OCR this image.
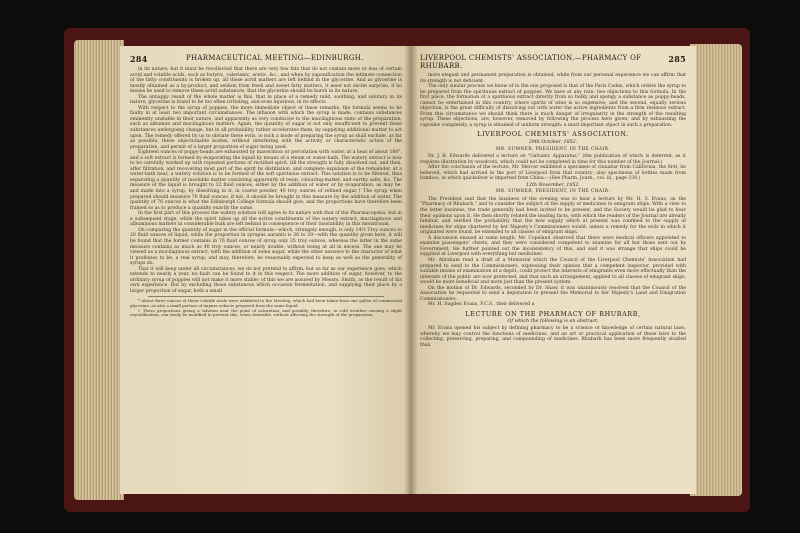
284	PHARMACEUTICAL MEETING—EDINBURGH.

in its nature; but it must be recollected that there are very few fats that do not contain more or less of certain acrid and volatile acids, such as butyric, valerianic, acetic, &c., and when by saponification the intimate connection of the fatty constituents is broken up, all these acrid matters are left behind in the glycerine. And as glycerine is mostly obtained as a by-product, and seldom from fresh and sweet fatty matters, it need not excite surprise, if no means be used to remove these acrid substances, that the glycerine should be harsh in its nature.

The unhappy result of the whole matter is this, that in place of a remedy mild, soothing, and salutary in its nature, glycerine is found to be too often irritating, and even injurious, in its effects.

With respect to the syrup of poppies, the more immediate object of these remarks, the formula seems to be faulty in at least two important circumstances. The infusion with which the syrup is made, contains substances eminently unstable in their nature, and apparently as very conducive to the mucilaginous state of the preparation, such as albumen and mucilaginous matters. Again, the quantity of sugar is not only insufficient to prevent these substances undergoing change, but in all probability, rather accelerates them, by supplying additional matter to act upon. The remedy offered by us to obviate these evils, is such a mode of preparing the syrup as shall exclude, as far as possible, these objectionable bodies, without interfering with the activity or characteristic action of the preparation, and permit of a larger proportion of sugar being used.

Eighteen ounces of poppy-heads are exhausted by maceration or percolation with water, at a heat of about 180°, and a soft extract is formed by evaporating the liquid by means of a steam or water-bath. The watery extract is now to be carefully worked up with repeated portions of rectified spirit, till the strength is fully dissolved out, and then, after filtration, and recovering most part of the spirit by distillation, and complete expulsion of the remainder, at a water-bath heat, a watery solution is to be formed of the soft spirituous extract. This solution is to be filtered, thus separating a quantity of insoluble matter consisting apparently of resin, colouring-matter, and earthy salts, &c. The measure of the liquid is brought to 32 fluid ounces, either by the addition of water or by evaporation, as may be, and made into a syrup, by dissolving in it, in coarse powder, 40 troy ounces of refined sugar.† The syrup when prepared should measure 76 fluid ounces, if not, it should be brought to this measure by the addition of water. The quantity of 76 ounces is what the Edinburgh College formula should give, and the proportions have therefore been framed so as to produce a quantity exactly the same.

In the first part of this process the watery solution will agree in its nature with that of the Pharmacopœia, but in a subsequent stage, while the spirit takes up all the active constituents of the watery extract, mucilaginous and albuminous matters in considerable bulk are left behind in consequence of their insolubility in this menstruum.

On comparing the quantity of sugar in the official formula—which, strangely enough, is only 14½ Troy ounces to 20 fluid ounces of liquid, while the proportion in syrupus aurantii is 36 to 20—with the quantity given here, it will be found that the former contains in 76 fluid ounces of syrup only 35 troy ounces, whereas the latter in the same measure contains as much as 40 troy ounces, or nearly double, without being at all in excess. The one may be viewed as a mucilaginous extract, with the addition of some sugar, while the other answers to the character of what it professes to be, a real syrup; and may, therefore, be reasonably expected to keep as well as the generality of syrups do.

That it will keep under all circumstances, we do not pretend to affirm, but so far as our experience goes, which extends to nearly a year, no fault can be found to it in this respect. The more addition of sugar, however, to the ordinary syrup of poppies will not make it more stable; of this we are assured by Messrs. Smith, as the result of his own experience. But by excluding those substances which occasion fermentation, and supplying their place by a larger proportion of sugar, both a small

* About three ounces of these volatile acids were exhibited to the Meeting, which had been taken from one gallon of commercial glycerine, as also a small portion of impure sebacic prepared from the same liquid.

† These proportions giving a solution near the point of saturation, and possibly, therefore, in cold weather causing a slight crystallisation, can easily be modified to prevent this, when desirable, without affecting the strength of the preparation.

LIVERPOOL CHEMISTS' ASSOCIATION.—PHARMACY OF RHUBARB.
285

more elegant and permanent preparation is obtained, while from our personal experience we can affirm that its strength is not deficient.

The only similar process we know of to the one proposed is that of the Paris Codex, which orders the syrup to be prepared from the spirituous extract of poppies. We have at any rate, two objections to this formula. In the first place, the formation of a spirituous extract directly from so bulky and spongy a substance as poppy-heads, cannot be entertained in this country, where spirits of wine is so expensive; and the second, equally serious objection, is the great difficulty of dissolving out with water the active ingredients from a firm resinous extract. From this circumstance we should think there is much danger of irregularity in the strength of the resulting syrup. These objections, are, however, removed by following the process here given; and by exhausting the capsules completely, a syrup is obtained of uniform strength: a most important object in such a preparation.

LIVERPOOL CHEMISTS' ASSOCIATION.
29th October, 1852.
MR. SUMNER, PRESIDENT, IN THE CHAIR.

Dr. J. B. Edwards delivered a lecture on "Galvanic Apparatus," (the publication of which is deferred, as it requires illustration by woodcuts, which could not be completed in time for this number of the Journal.)

After the conclusion of the lecture, Mr. Mercer exhibited a specimen of cinnabar from California, the first, he believed, which had arrived in the port of Liverpool from that country; also specimens of bottles made from bamboo, in which quicksilver is imported from China.—(See Pharm. Journ., vol. iii., page 330.)

12th November, 1852.
MR. SUMNER, PRESIDENT, IN THE CHAIR.

The President said that the business of the evening was to hear a lecture by Mr. H. S. Evans, on the "Pharmacy of Rhubarb," and to consider the subject of the supply of medicines to emigrant ships. With a view to the latter business, the trade generally had been invited to be present, and the Society would be glad to hear their opinions upon it. He then shortly related the leading facts, with which the readers of the Journal are already familiar, and verified the probability that the now supply which at present was confined to the supply of medicines for ships chartered by her Majesty's Commissioners would, unless a remedy for the evils in which it originated were found, be extended to all classes of emigrant ships.

A discussion ensued at some length. Mr. Copeland observed that there were medical officers appointed to examine passengers' chests, and they were considered competent to examine for all but those sent out by Government. He further pointed out the inconsistency of this, and said it was strange that ships could be supplied at Liverpool with everything but medicines.

Mr. Abraham read a draft of a Memorial which the Council of the Liverpool Chemists' Association had prepared to send to the Commissioners, expressing their opinion that a competent inspector, provided with suitable means of examination at a depôt, could protect the interests of emigrants even more effectually than the interests of the public are now protected, and that such an arrangement, applied to all classes of emigrant ships, would be more beneficial and more just than the present system.

On the motion of Dr. Edwards, seconded by Dr. Shaw, it was unanimously resolved that the Council of the Association be requested to send a deputation to present the Memorial to her Majesty's Land and Emigration Commissioners.

Mr. H. Sugden Evans, F.C.S., then delivered a

LECTURE ON THE PHARMACY OF RHUBARB,
Of which the following is an abstract.

Mr. Evans opened his subject by defining pharmacy to be a science or knowledge of certain natural laws, whereby we may control the functions of medicines, and an art or practical application of these laws to the collecting, preserving, preparing, and compounding of medicines. Rhubarb has been more frequently studied than
